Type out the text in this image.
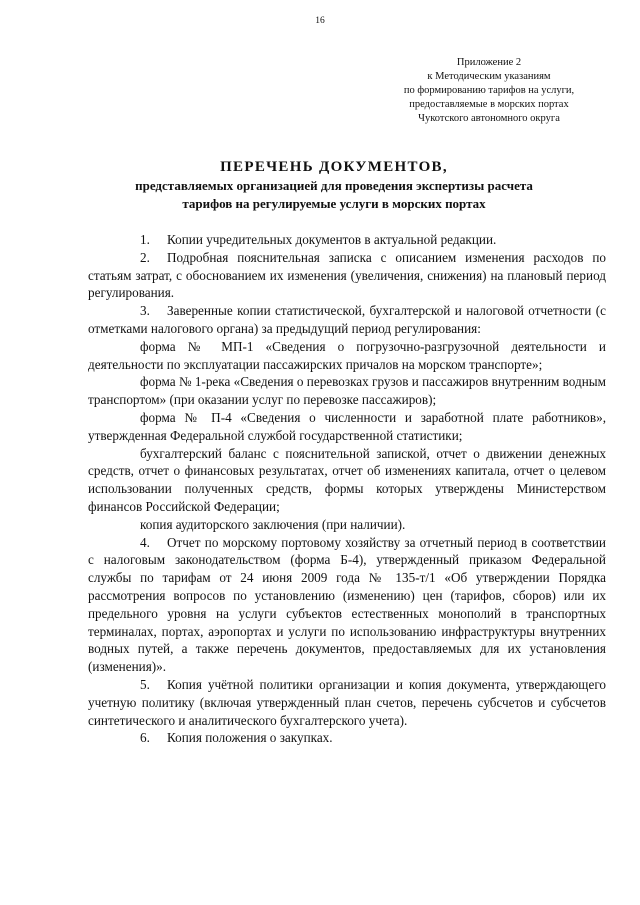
16
Приложение 2
к Методическим указаниям
по формированию тарифов на услуги,
предоставляемые в морских портах
Чукотского автономного округа
ПЕРЕЧЕНЬ ДОКУМЕНТОВ,
представляемых организацией для проведения экспертизы расчета
тарифов на регулируемые услуги в морских портах

1. Копии учредительных документов в актуальной редакции.

2. Подробная пояснительная записка с описанием изменения расходов по статьям затрат, с обоснованием их изменения (увеличения, снижения) на плановый период регулирования.

3. Заверенные копии статистической, бухгалтерской и налоговой отчетности (с отметками налогового органа) за предыдущий период регулирования:

форма № МП-1 «Сведения о погрузочно-разгрузочной деятельности и деятельности по эксплуатации пассажирских причалов на морском транспорте»;

форма № 1-река «Сведения о перевозках грузов и пассажиров внутренним водным транспортом» (при оказании услуг по перевозке пассажиров);

форма № П-4 «Сведения о численности и заработной плате работников», утвержденная Федеральной службой государственной статистики;

бухгалтерский баланс с пояснительной запиской, отчет о движении денежных средств, отчет о финансовых результатах, отчет об изменениях капитала, отчет о целевом использовании полученных средств, формы которых утверждены Министерством финансов Российской Федерации;

копия аудиторского заключения (при наличии).

4. Отчет по морскому портовому хозяйству за отчетный период в соответствии с налоговым законодательством (форма Б-4), утвержденный приказом Федеральной службы по тарифам от 24 июня 2009 года № 135-т/1 «Об утверждении Порядка рассмотрения вопросов по установлению (изменению) цен (тарифов, сборов) или их предельного уровня на услуги субъектов естественных монополий в транспортных терминалах, портах, аэропортах и услуги по использованию инфраструктуры внутренних водных путей, а также перечень документов, предоставляемых для их установления (изменения)».

5. Копия учётной политики организации и копия документа, утверждающего учетную политику (включая утвержденный план счетов, перечень субсчетов и субсчетов синтетического и аналитического бухгалтерского учета).

6. Копия положения о закупках.
